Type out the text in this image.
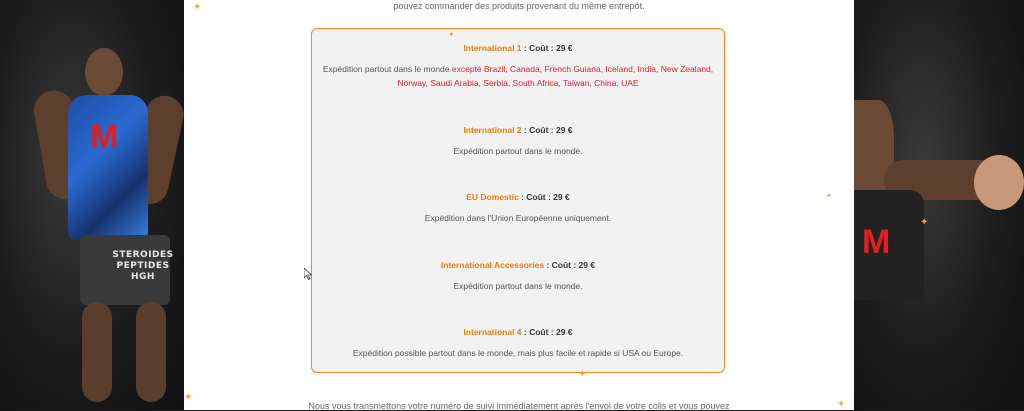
M
STEROIDES PEPTIDES HGH
M
pouvez commander des produits provenant du même entrepôt.
International 1 : Coût : 29 €
Expédition partout dans le monde excepté Brazil, Canada, French Guiana, Iceland, India, New Zealand, Norway, Saudi Arabia, Serbia, South Africa, Taiwan, China, UAE
International 2 : Coût : 29 €
Expédition partout dans le monde.
EU Domestic : Coût : 29 €
Expédition dans l'Union Européenne uniquement.
International Accessories : Coût : 29 €
Expédition partout dans le monde.
International 4 : Coût : 29 €
Expédition possible partout dans le monde, mais plus facile et rapide si USA ou Europe.
Nous vous transmettons votre numéro de suivi immédiatement après l'envoi de votre colis et vous pouvez
✦
✦
✦
✦
✦
✦
✦
